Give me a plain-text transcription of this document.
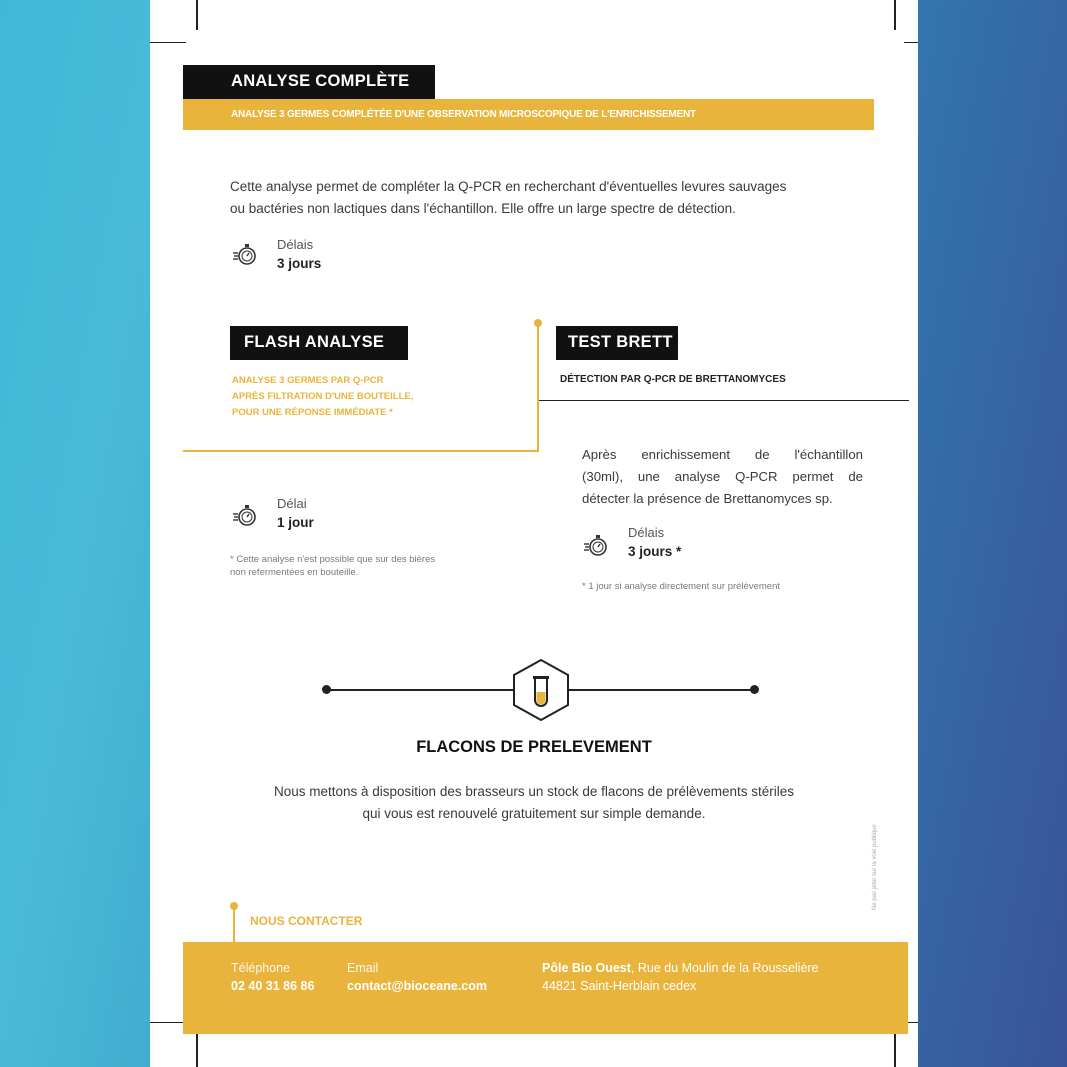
ANALYSE COMPLÈTE
ANALYSE 3 GERMES COMPLÉTÉE D'UNE OBSERVATION MICROSCOPIQUE DE L'ENRICHISSEMENT
Cette analyse permet de compléter la Q-PCR en recherchant d'éventuelles levures sauvages
ou bactéries non lactiques dans l'échantillon. Elle offre un large spectre de détection.
Délais
3 jours
FLASH ANALYSE
ANALYSE 3 GERMES PAR Q-PCR
APRÈS FILTRATION D'UNE BOUTEILLE,
POUR UNE RÉPONSE IMMÉDIATE *
Délai
1 jour
* Cette analyse n'est possible que sur des bières
non refermentées en bouteille.
TEST BRETT
DÉTECTION PAR Q-PCR DE BRETTANOMYCES
Après enrichissement de l'échantillon
(30ml), une analyse Q-PCR permet de
détecter la présence de Brettanomyces sp.
Délais
3 jours *
* 1 jour si analyse directement sur prélèvement
FLACONS DE PRELEVEMENT
Nous mettons à disposition des brasseurs un stock de flacons de prélèvements stériles
qui vous est renouvelé gratuitement sur simple demande.
Ne pas jeter sur la voie publique
NOUS CONTACTER
Téléphone
02 40 31 86 86
Email
contact@bioceane.com
Pôle Bio Ouest, Rue du Moulin de la Rousselière
44821 Saint-Herblain cedex
